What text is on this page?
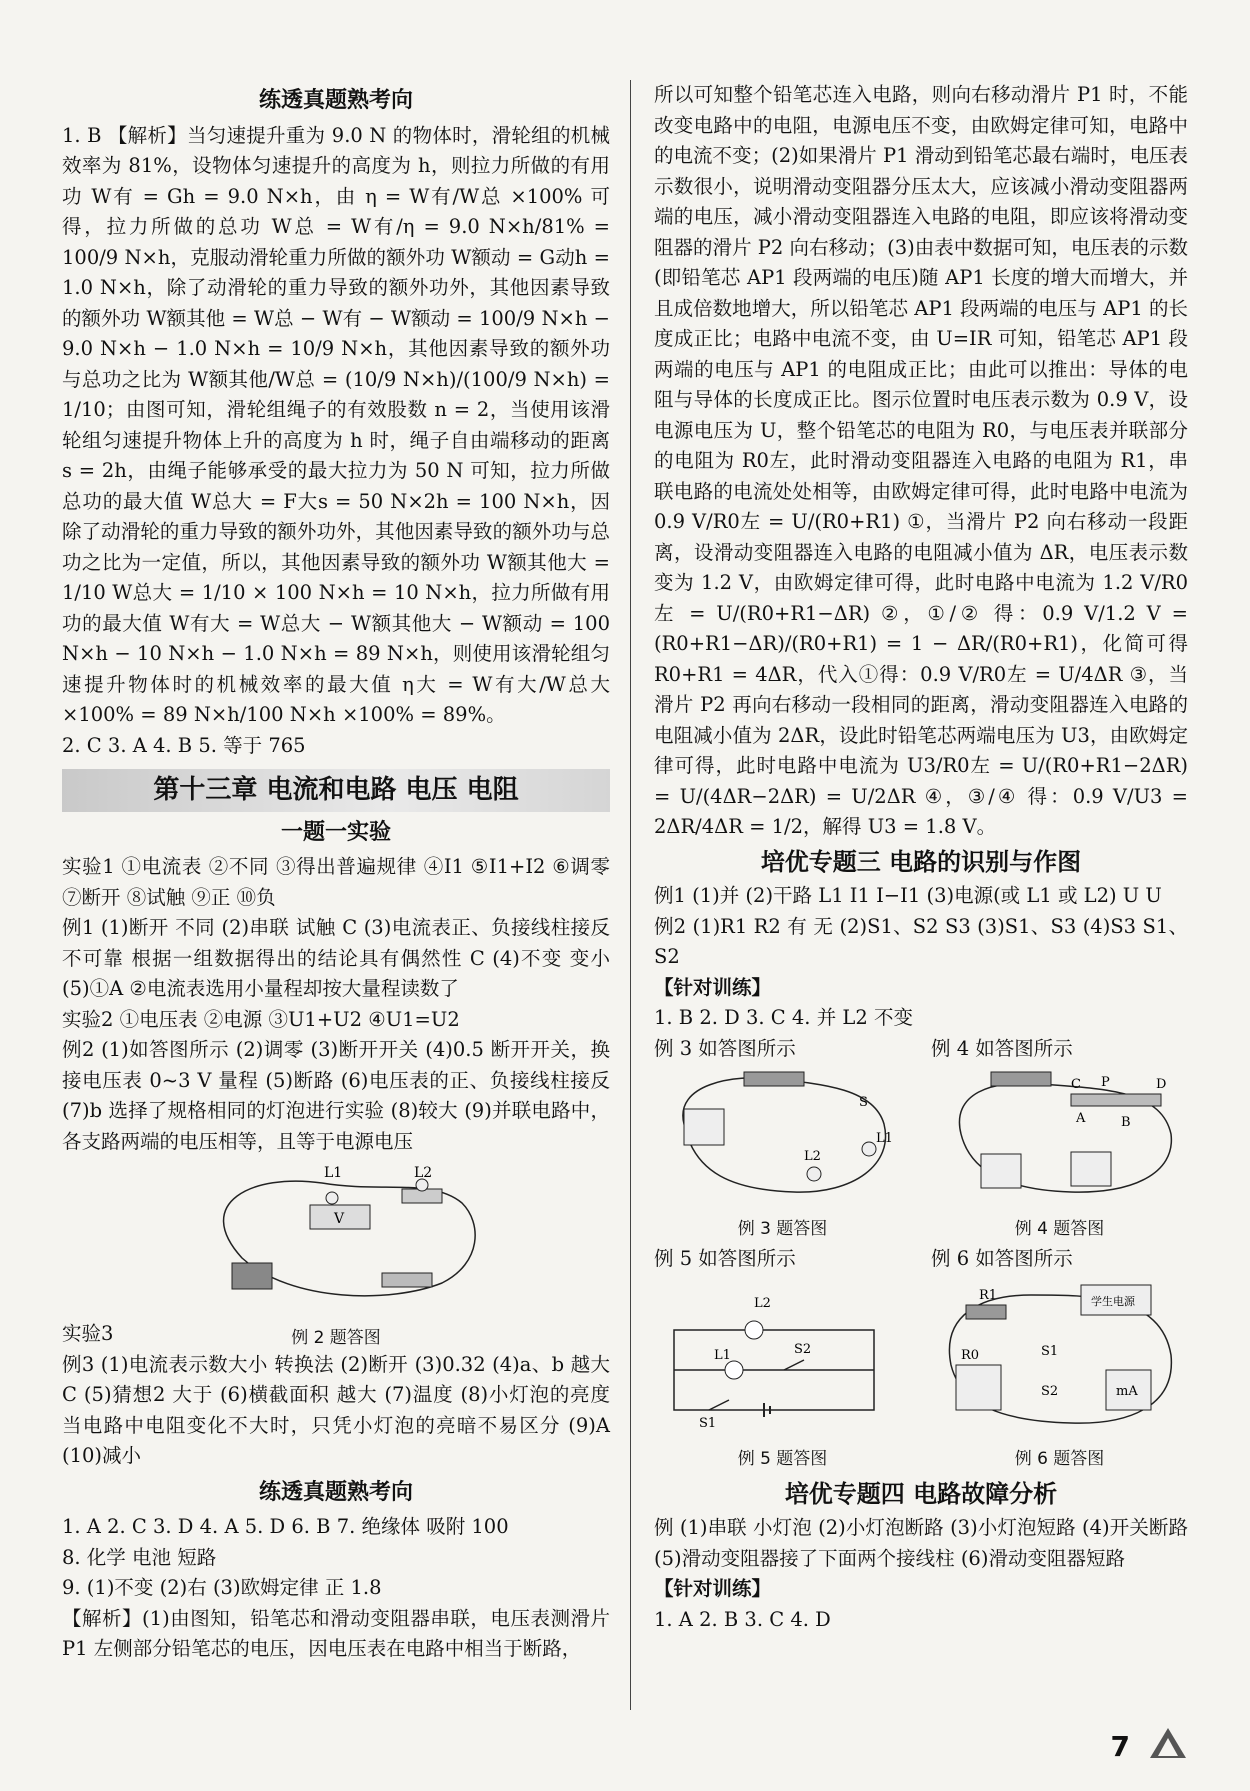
练透真题熟考向

1. B 【解析】当匀速提升重为 9.0 N 的物体时，滑轮组的机械效率为 81%，设物体匀速提升的高度为 h，则拉力所做的有用功 W有 = Gh = 9.0 N×h，由 η = W有/W总 ×100% 可得，拉力所做的总功 W总 = W有/η = 9.0 N×h/81% = 100/9 N×h，克服动滑轮重力所做的额外功 W额动 = G动h = 1.0 N×h，除了动滑轮的重力导致的额外功外，其他因素导致的额外功 W额其他 = W总 − W有 − W额动 = 100/9 N×h − 9.0 N×h − 1.0 N×h = 10/9 N×h，其他因素导致的额外功与总功之比为 W额其他/W总 = (10/9 N×h)/(100/9 N×h) = 1/10；由图可知，滑轮组绳子的有效股数 n = 2，当使用该滑轮组匀速提升物体上升的高度为 h 时，绳子自由端移动的距离 s = 2h，由绳子能够承受的最大拉力为 50 N 可知，拉力所做总功的最大值 W总大 = F大s = 50 N×2h = 100 N×h，因除了动滑轮的重力导致的额外功外，其他因素导致的额外功与总功之比为一定值，所以，其他因素导致的额外功 W额其他大 = 1/10 W总大 = 1/10 × 100 N×h = 10 N×h，拉力所做有用功的最大值 W有大 = W总大 − W额其他大 − W额动 = 100 N×h − 10 N×h − 1.0 N×h = 89 N×h，则使用该滑轮组匀速提升物体时的机械效率的最大值 η大 = W有大/W总大 ×100% = 89 N×h/100 N×h ×100% = 89%。

2. C 3. A 4. B 5. 等于 765

第十三章 电流和电路 电压 电阻
一题一实验

实验1 ①电流表 ②不同 ③得出普遍规律 ④I1 ⑤I1+I2 ⑥调零 ⑦断开 ⑧试触 ⑨正 ⑩负

例1 (1)断开 不同 (2)串联 试触 C (3)电流表正、负接线柱接反 不可靠 根据一组数据得出的结论具有偶然性 C (4)不变 变小 (5)①A ②电流表选用小量程却按大量程读数了

实验2 ①电压表 ②电源 ③U1+U2 ④U1=U2

例2 (1)如答图所示 (2)调零 (3)断开开关 (4)0.5 断开开关，换接电压表 0~3 V 量程 (5)断路 (6)电压表的正、负接线柱接反 (7)b 选择了规格相同的灯泡进行实验 (8)较大 (9)并联电路中，各支路两端的电压相等，且等于电源电压

L1	L2
V
例 2 题答图

实验3

例3 (1)电流表示数大小 转换法 (2)断开 (3)0.32 (4)a、b 越大 C (5)猜想2 大于 (6)横截面积 越大 (7)温度 (8)小灯泡的亮度 当电路中电阻变化不大时，只凭小灯泡的亮暗不易区分 (9)A (10)减小

练透真题熟考向

1. A 2. C 3. D 4. A 5. D 6. B 7. 绝缘体 吸附 100

8. 化学 电池 短路

9. (1)不变 (2)右 (3)欧姆定律 正 1.8

【解析】(1)由图知，铅笔芯和滑动变阻器串联，电压表测滑片 P1 左侧部分铅笔芯的电压，因电压表在电路中相当于断路，

所以可知整个铅笔芯连入电路，则向右移动滑片 P1 时，不能改变电路中的电阻，电源电压不变，由欧姆定律可知，电路中的电流不变；(2)如果滑片 P1 滑动到铅笔芯最右端时，电压表示数很小，说明滑动变阻器分压太大，应该减小滑动变阻器两端的电压，减小滑动变阻器连入电路的电阻，即应该将滑动变阻器的滑片 P2 向右移动；(3)由表中数据可知，电压表的示数(即铅笔芯 AP1 段两端的电压)随 AP1 长度的增大而增大，并且成倍数地增大，所以铅笔芯 AP1 段两端的电压与 AP1 的长度成正比；电路中电流不变，由 U=IR 可知，铅笔芯 AP1 段两端的电压与 AP1 的电阻成正比；由此可以推出：导体的电阻与导体的长度成正比。图示位置时电压表示数为 0.9 V，设电源电压为 U，整个铅笔芯的电阻为 R0，与电压表并联部分的电阻为 R0左，此时滑动变阻器连入电路的电阻为 R1，串联电路的电流处处相等，由欧姆定律可得，此时电路中电流为 0.9 V/R0左 = U/(R0+R1) ①，当滑片 P2 向右移动一段距离，设滑动变阻器连入电路的电阻减小值为 ΔR，电压表示数变为 1.2 V，由欧姆定律可得，此时电路中电流为 1.2 V/R0左 = U/(R0+R1−ΔR) ②，①/② 得：0.9 V/1.2 V = (R0+R1−ΔR)/(R0+R1) = 1 − ΔR/(R0+R1)，化简可得 R0+R1 = 4ΔR，代入①得：0.9 V/R0左 = U/4ΔR ③，当滑片 P2 再向右移动一段相同的距离，滑动变阻器连入电路的电阻减小值为 2ΔR，设此时铅笔芯两端电压为 U3，由欧姆定律可得，此时电路中电流为 U3/R0左 = U/(R0+R1−2ΔR) = U/(4ΔR−2ΔR) = U/2ΔR ④，③/④ 得：0.9 V/U3 = 2ΔR/4ΔR = 1/2，解得 U3 = 1.8 V。

培优专题三 电路的识别与作图

例1 (1)并 (2)干路 L1 I1 I−I1 (3)电源(或 L1 或 L2) U U

例2 (1)R1 R2 有 无 (2)S1、S2 S3 (3)S1、S3 (4)S3 S1、S2

【针对训练】

1. B 2. D 3. C 4. 并 L2 不变

例 3 如答图所示
L2
L1
S
例 3 题答图
例 4 如答图所示
C P	D
A	B
例 4 题答图
例 5 如答图所示
L2
L1	S2
S1
例 5 题答图
例 6 如答图所示
R1
R0
学生电源
S1
S2	mA
例 6 题答图
培优专题四 电路故障分析

例 (1)串联 小灯泡 (2)小灯泡断路 (3)小灯泡短路 (4)开关断路 (5)滑动变阻器接了下面两个接线柱 (6)滑动变阻器短路

【针对训练】

1. A 2. B 3. C 4. D

7
